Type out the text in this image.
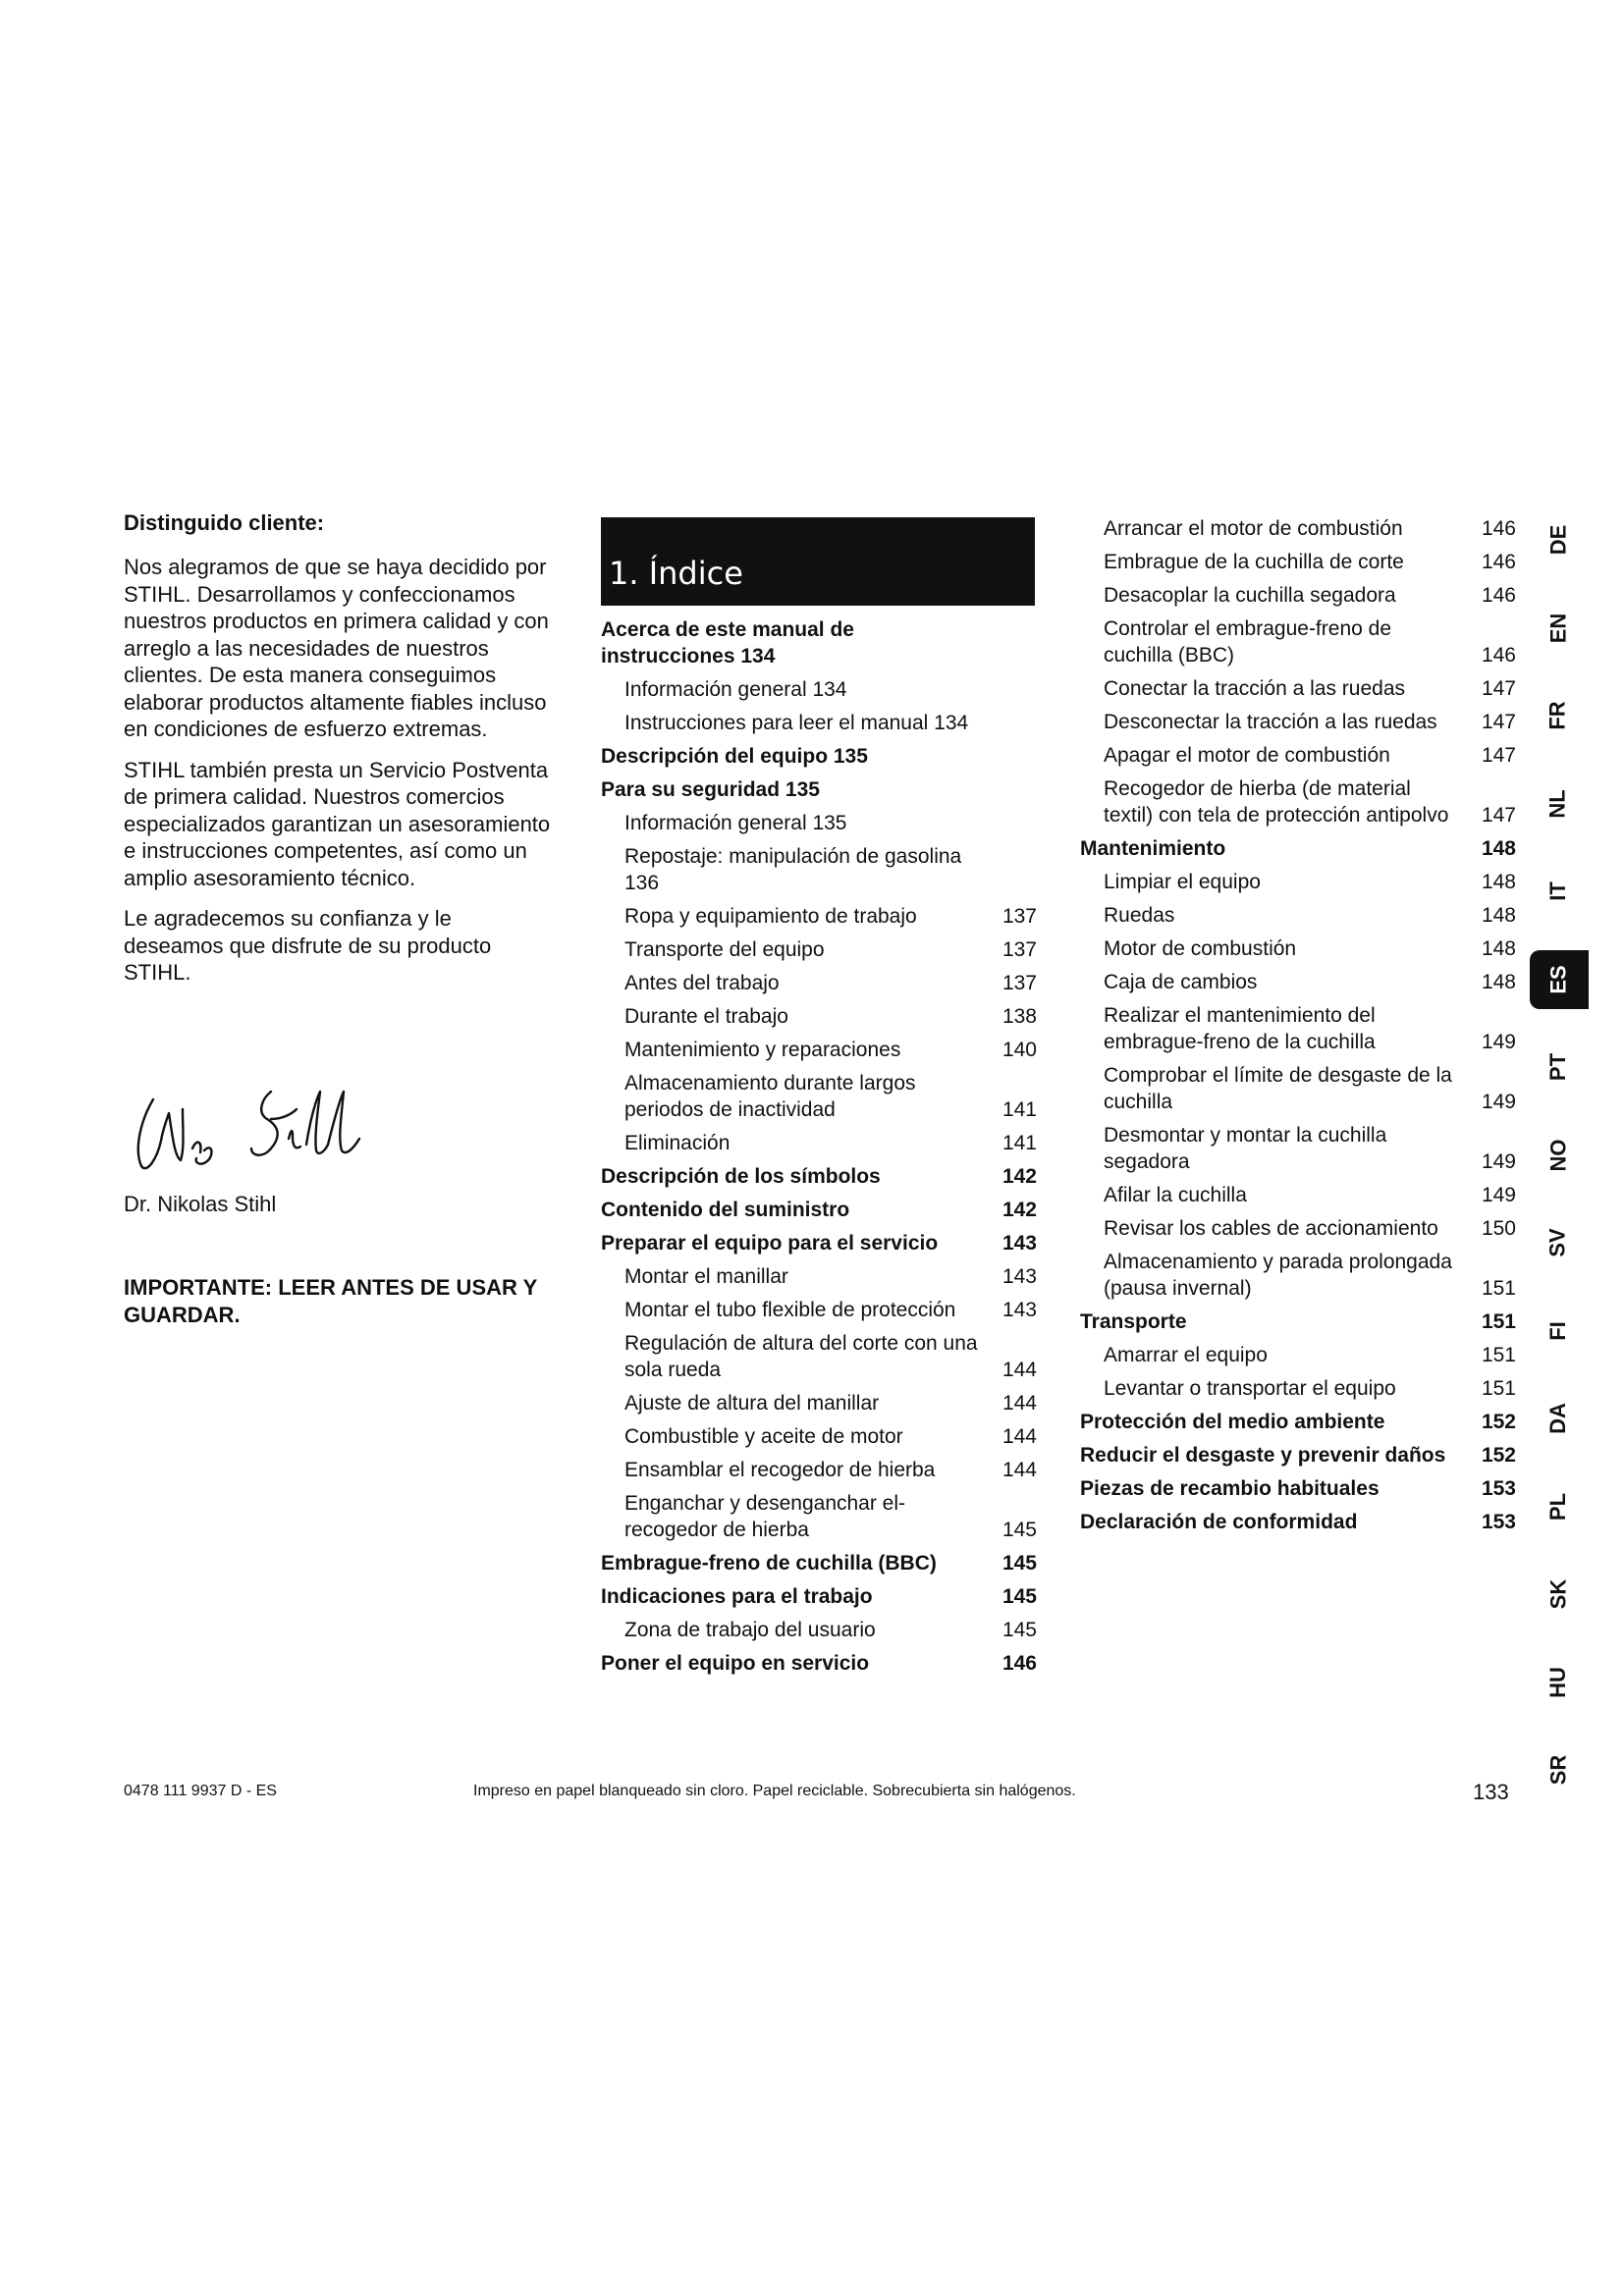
Distinguido cliente:

Nos alegramos de que se haya decidido por STIHL. Desarrollamos y confeccionamos nuestros productos en primera calidad y con arreglo a las necesidades de nuestros clientes. De esta manera conseguimos elaborar productos altamente fiables incluso en condiciones de esfuerzo extremas.

STIHL también presta un Servicio Postventa de primera calidad. Nuestros comercios especializados garantizan un asesoramiento e instrucciones competentes, así como un amplio asesoramiento técnico.

Le agradecemos su confianza y le deseamos que disfrute de su producto STIHL.

Dr. Nikolas Stihl
IMPORTANTE: LEER ANTES DE USAR Y GUARDAR.
1. Índice
Acerca de este manual de instrucciones 134
Información general 134
Instrucciones para leer el manual 134
Descripción del equipo 135
Para su seguridad 135
Información general 135
Repostaje: manipulación de gasolina 136
Ropa y equipamiento de trabajo	137
Transporte del equipo	137
Antes del trabajo	137
Durante el trabajo	138
Mantenimiento y reparaciones	140
Almacenamiento durante largos periodos de inactividad	141
Eliminación	141
Descripción de los símbolos	142
Contenido del suministro	142
Preparar el equipo para el servicio	143
Montar el manillar	143
Montar el tubo flexible de protección	143
Regulación de altura del corte con una sola rueda	144
Ajuste de altura del manillar	144
Combustible y aceite de motor	144
Ensamblar el recogedor de hierba	144
Enganchar y desenganchar el-recogedor de hierba	145
Embrague-freno de cuchilla (BBC)	145
Indicaciones para el trabajo	145
Zona de trabajo del usuario	145
Poner el equipo en servicio	146
Arrancar el motor de combustión	146
Embrague de la cuchilla de corte	146
Desacoplar la cuchilla segadora	146
Controlar el embrague-freno de cuchilla (BBC)	146
Conectar la tracción a las ruedas	147
Desconectar la tracción a las ruedas	147
Apagar el motor de combustión	147
Recogedor de hierba (de material textil) con tela de protección antipolvo	147
Mantenimiento	148
Limpiar el equipo	148
Ruedas	148
Motor de combustión	148
Caja de cambios	148
Realizar el mantenimiento del embrague-freno de la cuchilla	149
Comprobar el límite de desgaste de la cuchilla	149
Desmontar y montar la cuchilla segadora	149
Afilar la cuchilla	149
Revisar los cables de accionamiento	150
Almacenamiento y parada prolongada (pausa invernal)	151
Transporte	151
Amarrar el equipo	151
Levantar o transportar el equipo	151
Protección del medio ambiente	152
Reducir el desgaste y prevenir daños	152
Piezas de recambio habituales	153
Declaración de conformidad	153
DE
EN
FR
NL
IT
ES
PT
NO
SV
FI
DA
PL
SK
HU
SR
0478 111 9937 D - ES	Impreso en papel blanqueado sin cloro. Papel reciclable. Sobrecubierta sin halógenos.	133
